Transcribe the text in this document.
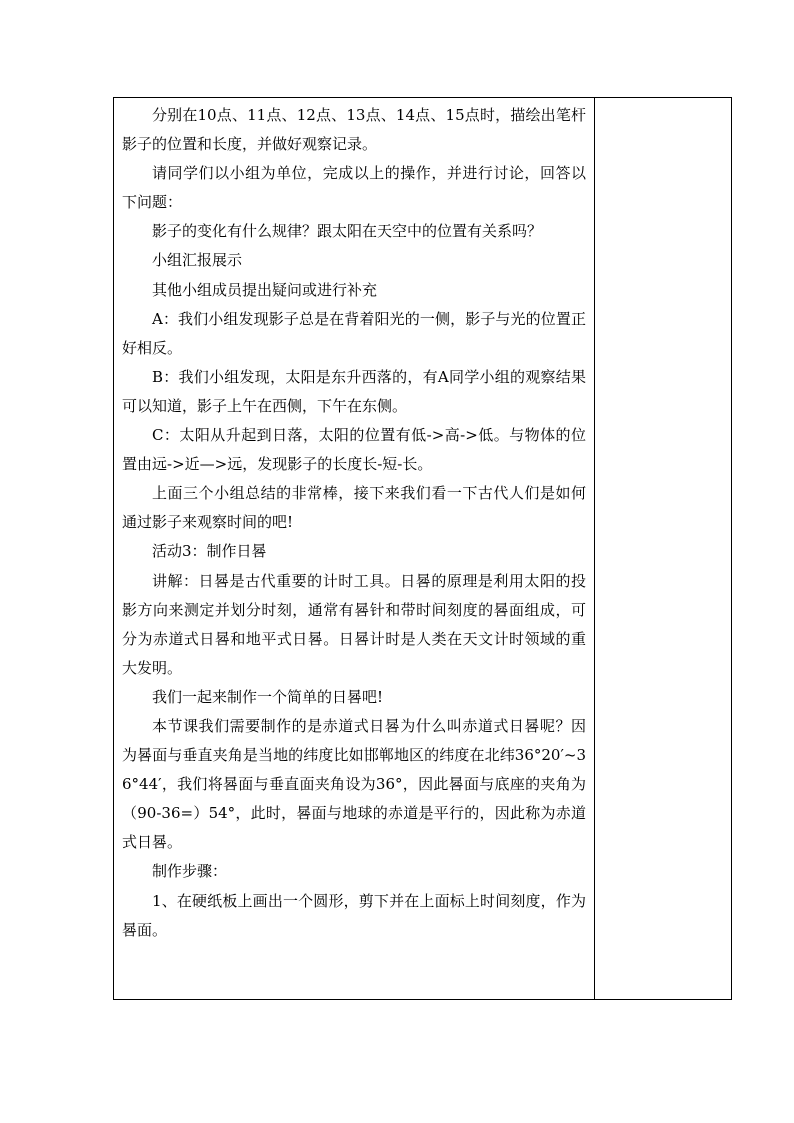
分别在10点、11点、12点、13点、14点、15点时，描绘出笔杆影子的位置和长度，并做好观察记录。

请同学们以小组为单位，完成以上的操作，并进行讨论，回答以下问题：

影子的变化有什么规律？跟太阳在天空中的位置有关系吗？

小组汇报展示

其他小组成员提出疑问或进行补充

A：我们小组发现影子总是在背着阳光的一侧，影子与光的位置正好相反。

B：我们小组发现，太阳是东升西落的，有A同学小组的观察结果可以知道，影子上午在西侧，下午在东侧。

C：太阳从升起到日落，太阳的位置有低->高->低。与物体的位置由远->近—>远，发现影子的长度长-短-长。

上面三个小组总结的非常棒，接下来我们看一下古代人们是如何通过影子来观察时间的吧!

活动3：制作日晷

讲解：日晷是古代重要的计时工具。日晷的原理是利用太阳的投影方向来测定并划分时刻，通常有晷针和带时间刻度的晷面组成，可分为赤道式日晷和地平式日晷。日晷计时是人类在天文计时领域的重大发明。

我们一起来制作一个简单的日晷吧!

本节课我们需要制作的是赤道式日晷为什么叫赤道式日晷呢？因为晷面与垂直夹角是当地的纬度比如邯郸地区的纬度在北纬36°20′~36°44′，我们将晷面与垂直面夹角设为36°，因此晷面与底座的夹角为（90-36=）54°，此时，晷面与地球的赤道是平行的，因此称为赤道式日晷。

制作步骤：

1、在硬纸板上画出一个圆形，剪下并在上面标上时间刻度，作为晷面。
